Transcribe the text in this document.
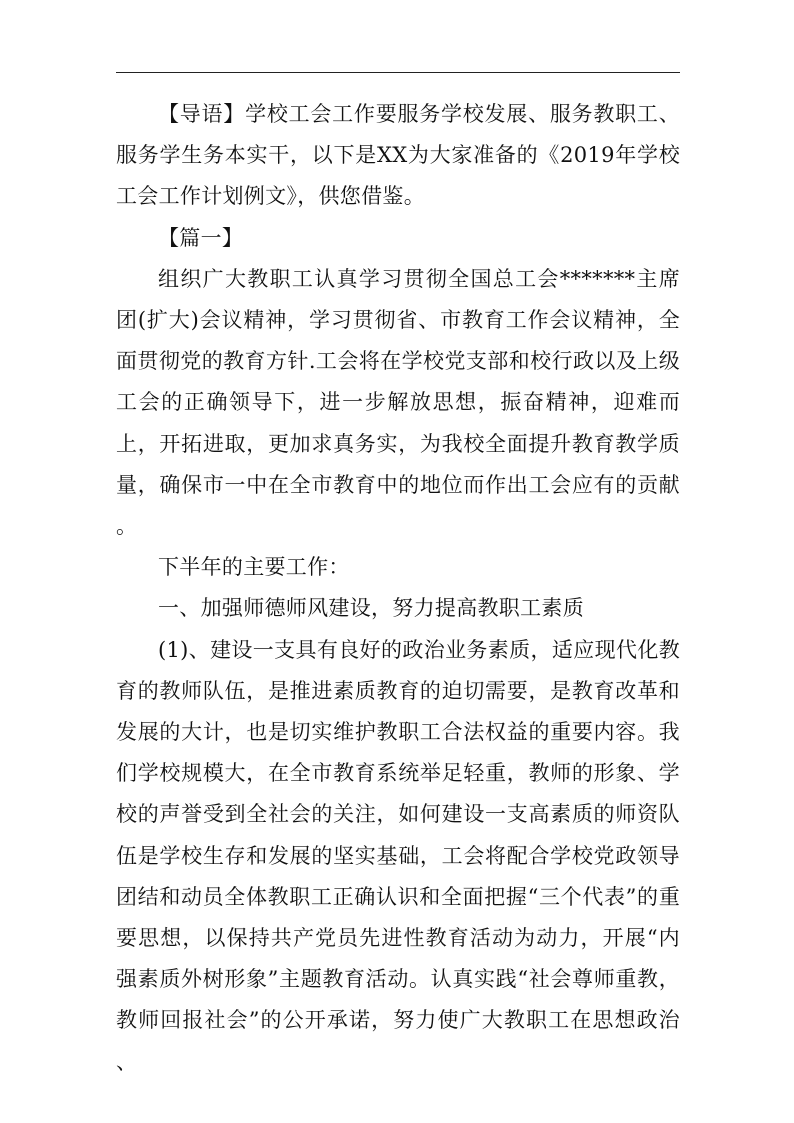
【导语】学校工会工作要服务学校发展、服务教职工、服务学生务本实干，以下是XX为大家准备的《2019年学校工会工作计划例文》，供您借鉴。

【篇一】

组织广大教职工认真学习贯彻全国总工会*******主席团(扩大)会议精神，学习贯彻省、市教育工作会议精神，全面贯彻党的教育方针.工会将在学校党支部和校行政以及上级工会的正确领导下，进一步解放思想，振奋精神，迎难而上，开拓进取，更加求真务实，为我校全面提升教育教学质量，确保市一中在全市教育中的地位而作出工会应有的贡献 。

下半年的主要工作：

一、加强师德师风建设，努力提高教职工素质

(1)、建设一支具有良好的政治业务素质，适应现代化教育的教师队伍，是推进素质教育的迫切需要，是教育改革和发展的大计，也是切实维护教职工合法权益的重要内容。我们学校规模大，在全市教育系统举足轻重，教师的形象、学校的声誉受到全社会的关注，如何建设一支高素质的师资队伍是学校生存和发展的坚实基础，工会将配合学校党政领导团结和动员全体教职工正确认识和全面把握“三个代表”的重要思想，以保持共产党员先进性教育活动为动力，开展“内强素质外树形象”主题教育活动。认真实践“社会尊师重教，教师回报社会”的公开承诺，努力使广大教职工在思想政治 、
